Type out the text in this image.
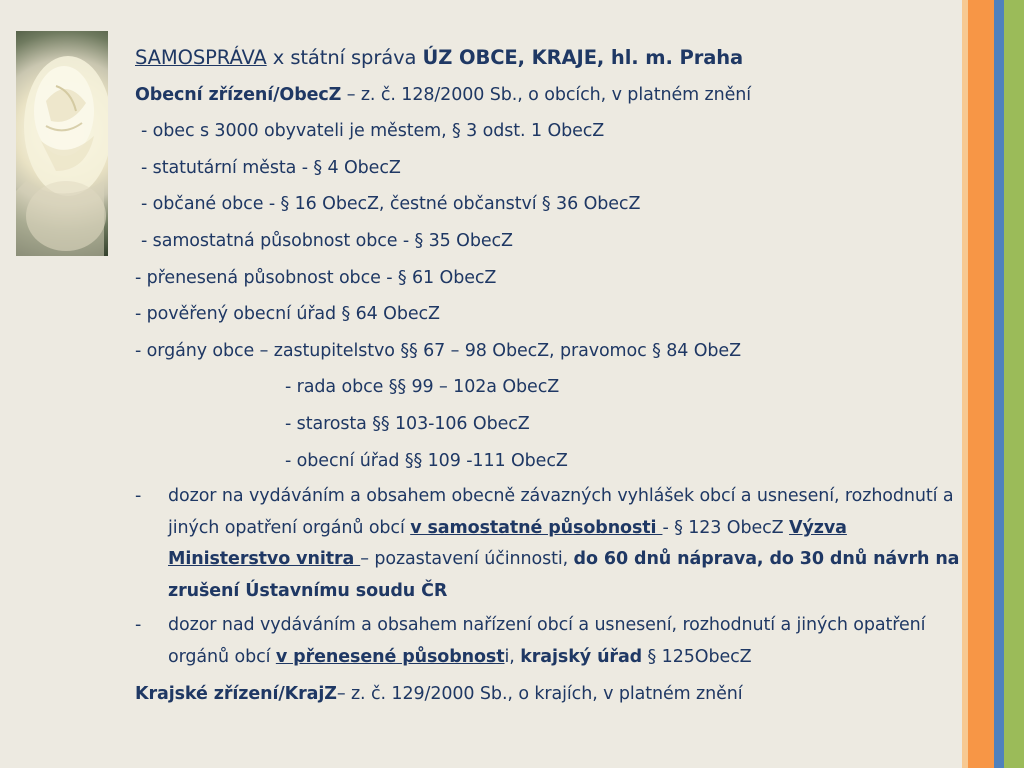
SAMOSPRÁVA x státní správa ÚZ OBCE, KRAJE, hl. m. Praha
Obecní zřízení/ObecZ – z. č. 128/2000 Sb., o obcích, v platném znění
- obec s 3000 obyvateli je městem, § 3 odst. 1 ObecZ
- statutární města - § 4 ObecZ
- občané obce - § 16 ObecZ, čestné občanství § 36 ObecZ
- samostatná působnost obce - § 35 ObecZ
- přenesená působnost obce - § 61 ObecZ
- pověřený obecní úřad § 64 ObecZ
- orgány obce – zastupitelstvo §§ 67 – 98 ObecZ, pravomoc § 84 ObeZ
- rada obce §§ 99 – 102a ObecZ
- starosta §§ 103-106 ObecZ
- obecní úřad §§ 109 -111 ObecZ
- dozor na vydáváním a obsahem obecně závazných vyhlášek obcí a usnesení, rozhodnutí a jiných opatření orgánů obcí v samostatné působnosti - § 123 ObecZ Výzva Ministerstvo vnitra – pozastavení účinnosti, do 60 dnů náprava, do 30 dnů návrh na zrušení Ústavnímu soudu ČR
- dozor nad vydáváním a obsahem nařízení obcí a usnesení, rozhodnutí a jiných opatření orgánů obcí v přenesené působnosti, krajský úřad § 125ObecZ
Krajské zřízení/KrajZ– z. č. 129/2000 Sb., o krajích, v platném znění
